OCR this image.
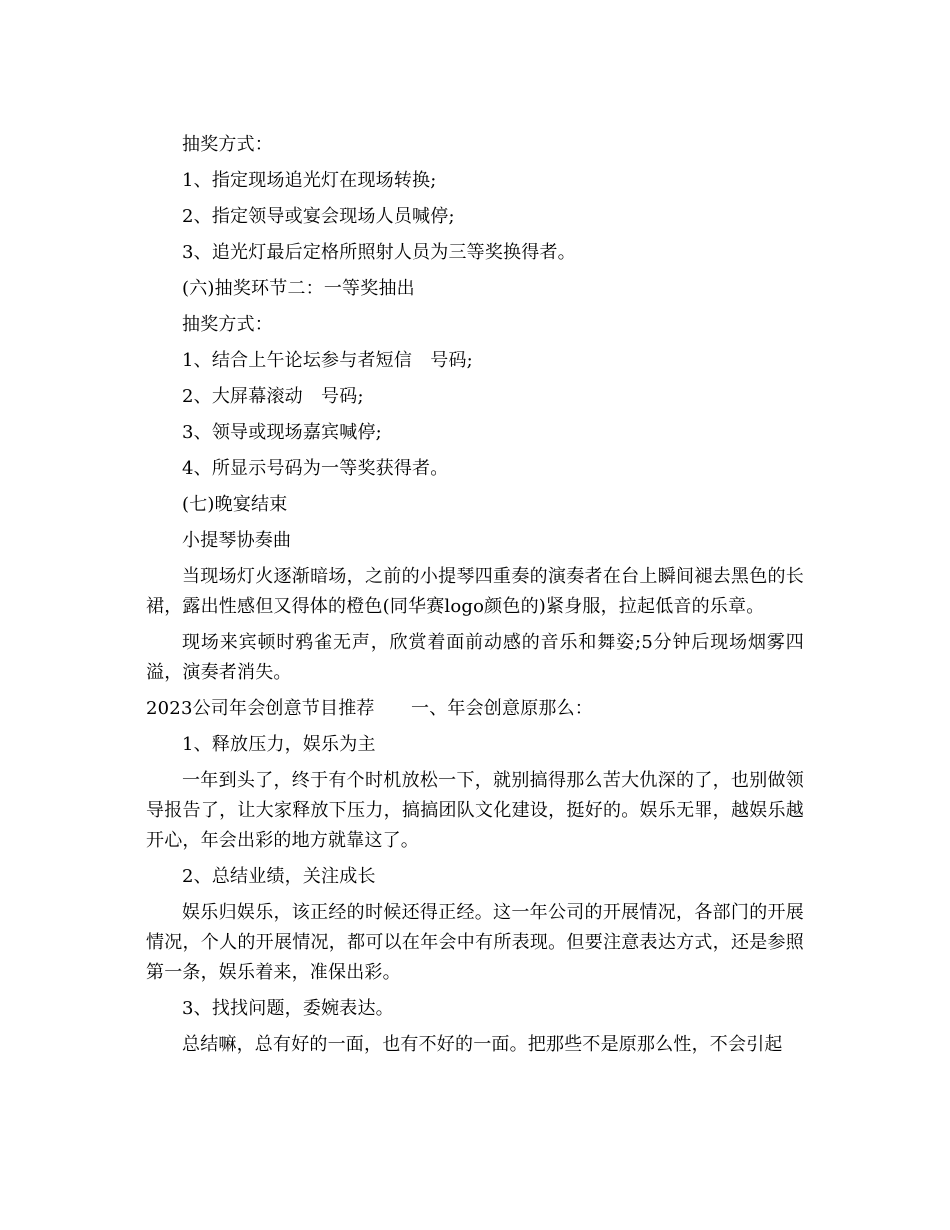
抽奖方式：

1、指定现场追光灯在现场转换;

2、指定领导或宴会现场人员喊停;

3、追光灯最后定格所照射人员为三等奖换得者。

(六)抽奖环节二：一等奖抽出

抽奖方式：

1、结合上午论坛参与者短信　号码;

2、大屏幕滚动　号码;

3、领导或现场嘉宾喊停;

4、所显示号码为一等奖获得者。

(七)晚宴结束

小提琴协奏曲

当现场灯火逐渐暗场，之前的小提琴四重奏的演奏者在台上瞬间褪去黑色的长裙，露出性感但又得体的橙色(同华赛logo颜色的)紧身服，拉起低音的乐章。

现场来宾顿时鸦雀无声，欣赏着面前动感的音乐和舞姿;5分钟后现场烟雾四溢，演奏者消失。

2023公司年会创意节目推荐　　一、年会创意原那么：

1、释放压力，娱乐为主

一年到头了，终于有个时机放松一下，就别搞得那么苦大仇深的了，也别做领导报告了，让大家释放下压力，搞搞团队文化建设，挺好的。娱乐无罪，越娱乐越开心，年会出彩的地方就靠这了。

2、总结业绩，关注成长

娱乐归娱乐，该正经的时候还得正经。这一年公司的开展情况，各部门的开展情况，个人的开展情况，都可以在年会中有所表现。但要注意表达方式，还是参照第一条，娱乐着来，准保出彩。

3、找找问题，委婉表达。

总结嘛，总有好的一面，也有不好的一面。把那些不是原那么性，不会引起
